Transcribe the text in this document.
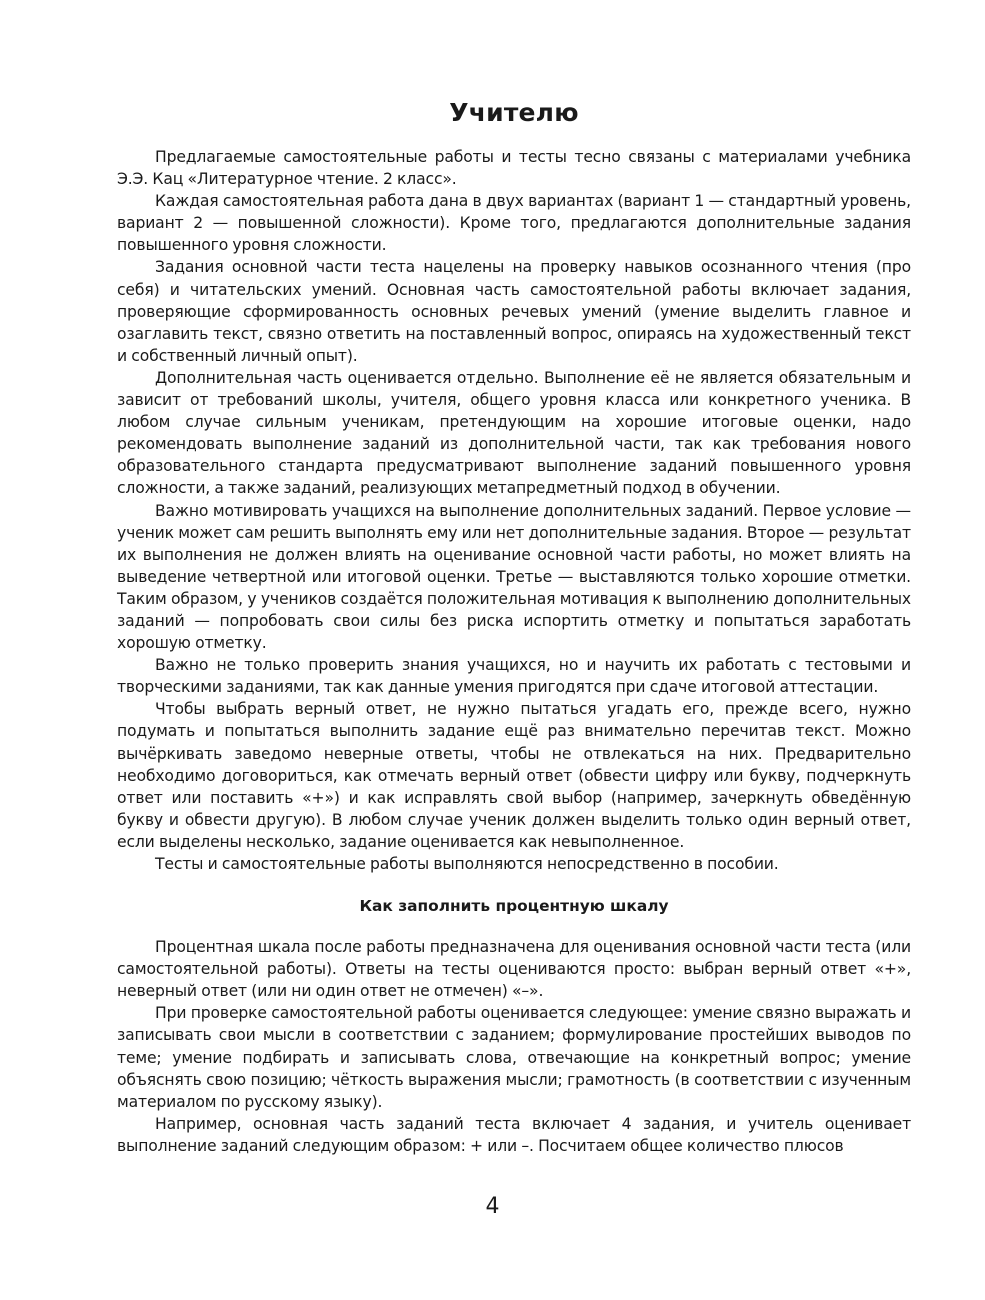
Учителю

Предлагаемые самостоятельные работы и тесты тесно связаны с материалами учебника Э.Э. Кац «Литературное чтение. 2 класс».

Каждая самостоятельная работа дана в двух вариантах (вариант 1 — стандартный уровень, вариант 2 — повышенной сложности). Кроме того, предлагаются дополнительные задания повышенного уровня сложности.

Задания основной части теста нацелены на проверку навыков осознанного чтения (про себя) и читательских умений. Основная часть самостоятельной работы включает задания, проверяющие сформированность основных речевых умений (умение выделить главное и озаглавить текст, связно ответить на поставленный вопрос, опираясь на художественный текст и собственный личный опыт).

Дополнительная часть оценивается отдельно. Выполнение её не является обязательным и зависит от требований школы, учителя, общего уровня класса или конкретного ученика. В любом случае сильным ученикам, претендующим на хорошие итоговые оценки, надо рекомендовать выполнение заданий из дополнительной части, так как требования нового образовательного стандарта предусматривают выполнение заданий повышенного уровня сложности, а также заданий, реализующих метапредметный подход в обучении.

Важно мотивировать учащихся на выполнение дополнительных заданий. Первое условие — ученик может сам решить выполнять ему или нет дополнительные задания. Второе — результат их выполнения не должен влиять на оценивание основной части работы, но может влиять на выведение четвертной или итоговой оценки. Третье — выставляются только хорошие отметки. Таким образом, у учеников создаётся положительная мотивация к выполнению дополнительных заданий — попробовать свои силы без риска испортить отметку и попытаться заработать хорошую отметку.

Важно не только проверить знания учащихся, но и научить их работать с тестовыми и творческими заданиями, так как данные умения пригодятся при сдаче итоговой аттестации.

Чтобы выбрать верный ответ, не нужно пытаться угадать его, прежде всего, нужно подумать и попытаться выполнить задание ещё раз внимательно перечитав текст. Можно вычёркивать заведомо неверные ответы, чтобы не отвлекаться на них. Предварительно необходимо договориться, как отмечать верный ответ (обвести цифру или букву, подчеркнуть ответ или поставить «+») и как исправлять свой выбор (например, зачеркнуть обведённую букву и обвести другую). В любом случае ученик должен выделить только один верный ответ, если выделены несколько, задание оценивается как невыполненное.

Тесты и самостоятельные работы выполняются непосредственно в пособии.

Как заполнить процентную шкалу

Процентная шкала после работы предназначена для оценивания основной части теста (или самостоятельной работы). Ответы на тесты оцениваются просто: выбран верный ответ «+», неверный ответ (или ни один ответ не отмечен) «–».

При проверке самостоятельной работы оценивается следующее: умение связно выражать и записывать свои мысли в соответствии с заданием; формулирование простейших выводов по теме; умение подбирать и записывать слова, отвечающие на конкретный вопрос; умение объяснять свою позицию; чёткость выражения мысли; грамотность (в соответствии с изученным материалом по русскому языку).

Например, основная часть заданий теста включает 4 задания, и учитель оценивает выполнение заданий следующим образом: + или –. Посчитаем общее количество плюсов

4
